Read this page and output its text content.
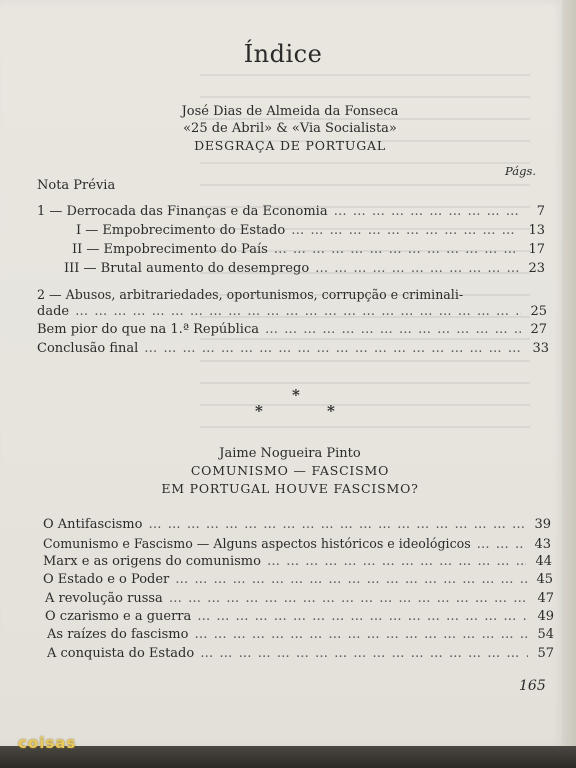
Índice
José Dias de Almeida da Fonseca
«25 de Abril» & «Via Socialista»
DESGRAÇA DE PORTUGAL
Págs.
Nota Prévia
1 — Derrocada das Finanças e da Economia … … … … … … … … … … … … … … … … … … … … … … … … … … … … … … … … … … … …	7
I — Empobrecimento do Estado … … … … … … … … … … … … … … … … … … … … … … … … … … … … … … … … … … … …	13
II — Empobrecimento do País … … … … … … … … … … … … … … … … … … … … … … … … … … … … … … … … … … … …	17
III — Brutal aumento do desemprego … … … … … … … … … … … … … … … … … … … … … … … … … … … … … … … … … … … …	23
2 — Abusos, arbitrariedades, oportunismos, corrupção e criminali-
dade … … … … … … … … … … … … … … … … … … … … … … … … … … … … … … … … … … … …	25
Bem pior do que na 1.ª República … … … … … … … … … … … … … … … … … … … … … … … … … … … … … … … … … … … …	27
Conclusão final … … … … … … … … … … … … … … … … … … … … … … … … … … … … … … … … … … … …	33
*
*	*
Jaime Nogueira Pinto
COMUNISMO — FASCISMO
EM PORTUGAL HOUVE FASCISMO?
O Antifascismo … … … … … … … … … … … … … … … … … … … … … … … … … … … … … … … … … … … …	39
Comunismo e Fascismo — Alguns aspectos históricos e ideológicos … … … … … … … … … … … … … … … … … … … … … … … … … … … … … … … … … … … …	43
Marx e as origens do comunismo … … … … … … … … … … … … … … … … … … … … … … … … … … … … … … … … … … … …	44
O Estado e o Poder … … … … … … … … … … … … … … … … … … … … … … … … … … … … … … … … … … … …	45
A revolução russa … … … … … … … … … … … … … … … … … … … … … … … … … … … … … … … … … … … …	47
O czarismo e a guerra … … … … … … … … … … … … … … … … … … … … … … … … … … … … … … … … … … … …	49
As raízes do fascismo … … … … … … … … … … … … … … … … … … … … … … … … … … … … … … … … … … … …	54
A conquista do Estado … … … … … … … … … … … … … … … … … … … … … … … … … … … … … … … … … … … …	57
165
coisas
